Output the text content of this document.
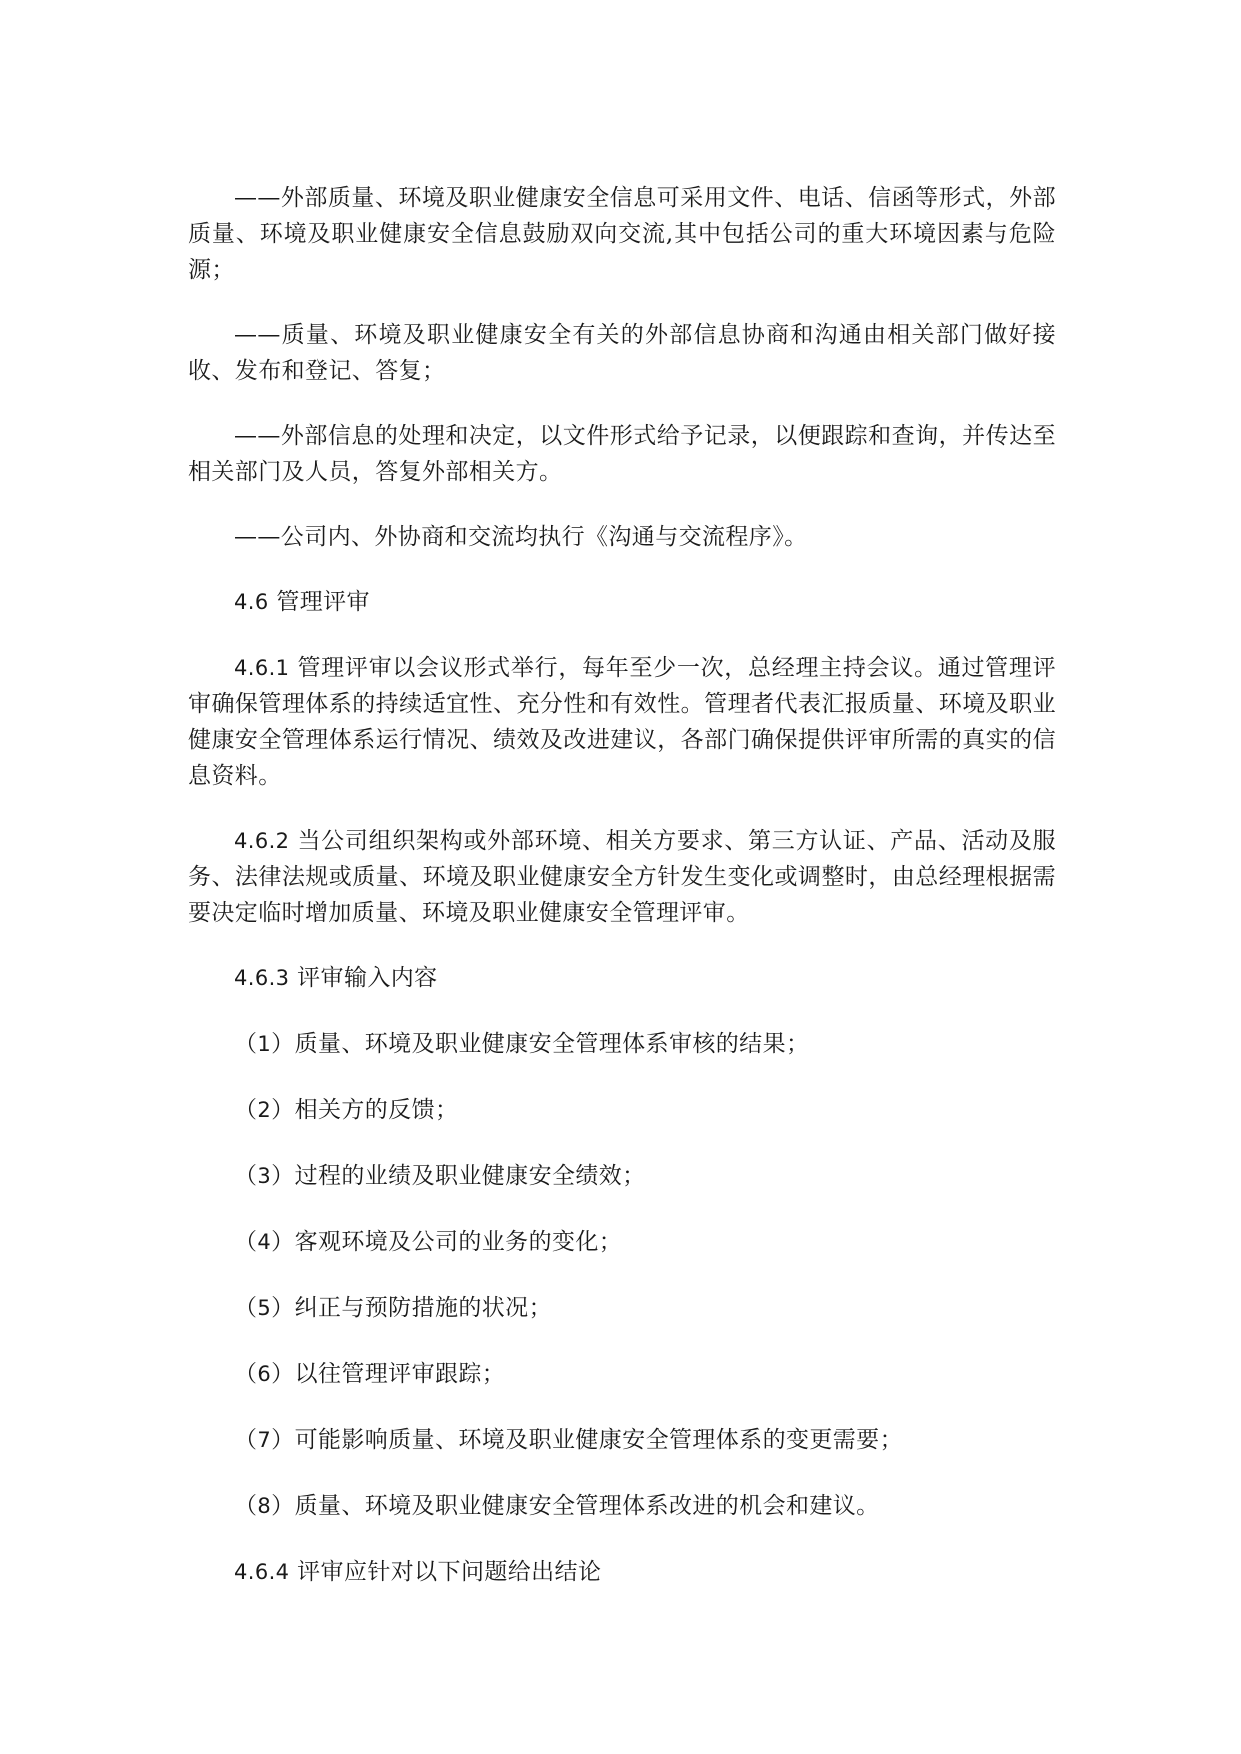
——外部质量、环境及职业健康安全信息可采用文件、电话、信函等形式，外部质量、环境及职业健康安全信息鼓励双向交流,其中包括公司的重大环境因素与危险源；

——质量、环境及职业健康安全有关的外部信息协商和沟通由相关部门做好接收、发布和登记、答复；

——外部信息的处理和决定，以文件形式给予记录，以便跟踪和查询，并传达至相关部门及人员，答复外部相关方。

——公司内、外协商和交流均执行《沟通与交流程序》。

4.6 管理评审

4.6.1 管理评审以会议形式举行，每年至少一次，总经理主持会议。通过管理评审确保管理体系的持续适宜性、充分性和有效性。管理者代表汇报质量、环境及职业健康安全管理体系运行情况、绩效及改进建议，各部门确保提供评审所需的真实的信息资料。

4.6.2 当公司组织架构或外部环境、相关方要求、第三方认证、产品、活动及服务、法律法规或质量、环境及职业健康安全方针发生变化或调整时，由总经理根据需要决定临时增加质量、环境及职业健康安全管理评审。

4.6.3 评审输入内容

（1）质量、环境及职业健康安全管理体系审核的结果；

（2）相关方的反馈；

（3）过程的业绩及职业健康安全绩效；

（4）客观环境及公司的业务的变化；

（5）纠正与预防措施的状况；

（6）以往管理评审跟踪；

（7）可能影响质量、环境及职业健康安全管理体系的变更需要；

（8）质量、环境及职业健康安全管理体系改进的机会和建议。

4.6.4 评审应针对以下问题给出结论
